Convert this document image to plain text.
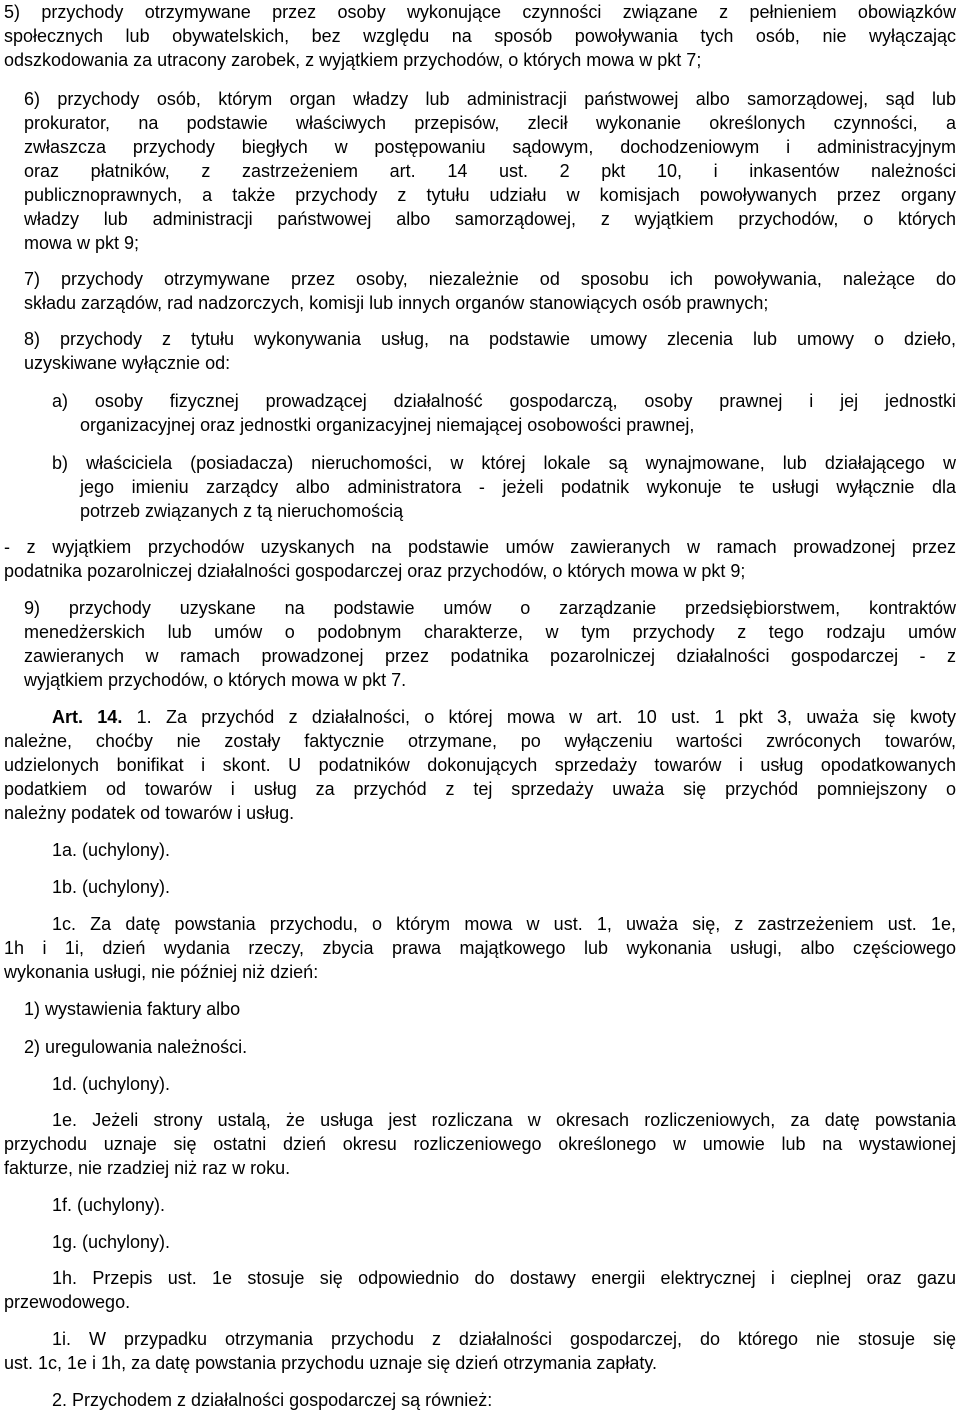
5) przychody otrzymywane przez osoby wykonujące czynności związane z pełnieniem obowiązków
społecznych lub obywatelskich, bez względu na sposób powoływania tych osób, nie wyłączając
odszkodowania za utracony zarobek, z wyjątkiem przychodów, o których mowa w pkt 7;
6) przychody osób, którym organ władzy lub administracji państwowej albo samorządowej, sąd lub
prokurator, na podstawie właściwych przepisów, zlecił wykonanie określonych czynności, a
zwłaszcza przychody biegłych w postępowaniu sądowym, dochodzeniowym i administracyjnym
oraz płatników, z zastrzeżeniem art. 14 ust. 2 pkt 10, i inkasentów należności
publicznoprawnych, a także przychody z tytułu udziału w komisjach powoływanych przez organy
władzy lub administracji państwowej albo samorządowej, z wyjątkiem przychodów, o których
mowa w pkt 9;
7) przychody otrzymywane przez osoby, niezależnie od sposobu ich powoływania, należące do
składu zarządów, rad nadzorczych, komisji lub innych organów stanowiących osób prawnych;
8) przychody z tytułu wykonywania usług, na podstawie umowy zlecenia lub umowy o dzieło,
uzyskiwane wyłącznie od:
a) osoby fizycznej prowadzącej działalność gospodarczą, osoby prawnej i jej jednostki
organizacyjnej oraz jednostki organizacyjnej niemającej osobowości prawnej,
b) właściciela (posiadacza) nieruchomości, w której lokale są wynajmowane, lub działającego w
jego imieniu zarządcy albo administratora - jeżeli podatnik wykonuje te usługi wyłącznie dla
potrzeb związanych z tą nieruchomością
- z wyjątkiem przychodów uzyskanych na podstawie umów zawieranych w ramach prowadzonej przez
podatnika pozarolniczej działalności gospodarczej oraz przychodów, o których mowa w pkt 9;
9) przychody uzyskane na podstawie umów o zarządzanie przedsiębiorstwem, kontraktów
menedżerskich lub umów o podobnym charakterze, w tym przychody z tego rodzaju umów
zawieranych w ramach prowadzonej przez podatnika pozarolniczej działalności gospodarczej - z
wyjątkiem przychodów, o których mowa w pkt 7.
Art. 14. 1. Za przychód z działalności, o której mowa w art. 10 ust. 1 pkt 3, uważa się kwoty
należne, choćby nie zostały faktycznie otrzymane, po wyłączeniu wartości zwróconych towarów,
udzielonych bonifikat i skont. U podatników dokonujących sprzedaży towarów i usług opodatkowanych
podatkiem od towarów i usług za przychód z tej sprzedaży uważa się przychód pomniejszony o
należny podatek od towarów i usług.
1a. (uchylony).
1b. (uchylony).
1c. Za datę powstania przychodu, o którym mowa w ust. 1, uważa się, z zastrzeżeniem ust. 1e,
1h i 1i, dzień wydania rzeczy, zbycia prawa majątkowego lub wykonania usługi, albo częściowego
wykonania usługi, nie później niż dzień:
1) wystawienia faktury albo
2) uregulowania należności.
1d. (uchylony).
1e. Jeżeli strony ustalą, że usługa jest rozliczana w okresach rozliczeniowych, za datę powstania
przychodu uznaje się ostatni dzień okresu rozliczeniowego określonego w umowie lub na wystawionej
fakturze, nie rzadziej niż raz w roku.
1f. (uchylony).
1g. (uchylony).
1h. Przepis ust. 1e stosuje się odpowiednio do dostawy energii elektrycznej i cieplnej oraz gazu
przewodowego.
1i. W przypadku otrzymania przychodu z działalności gospodarczej, do którego nie stosuje się
ust. 1c, 1e i 1h, za datę powstania przychodu uznaje się dzień otrzymania zapłaty.
2. Przychodem z działalności gospodarczej są również:
